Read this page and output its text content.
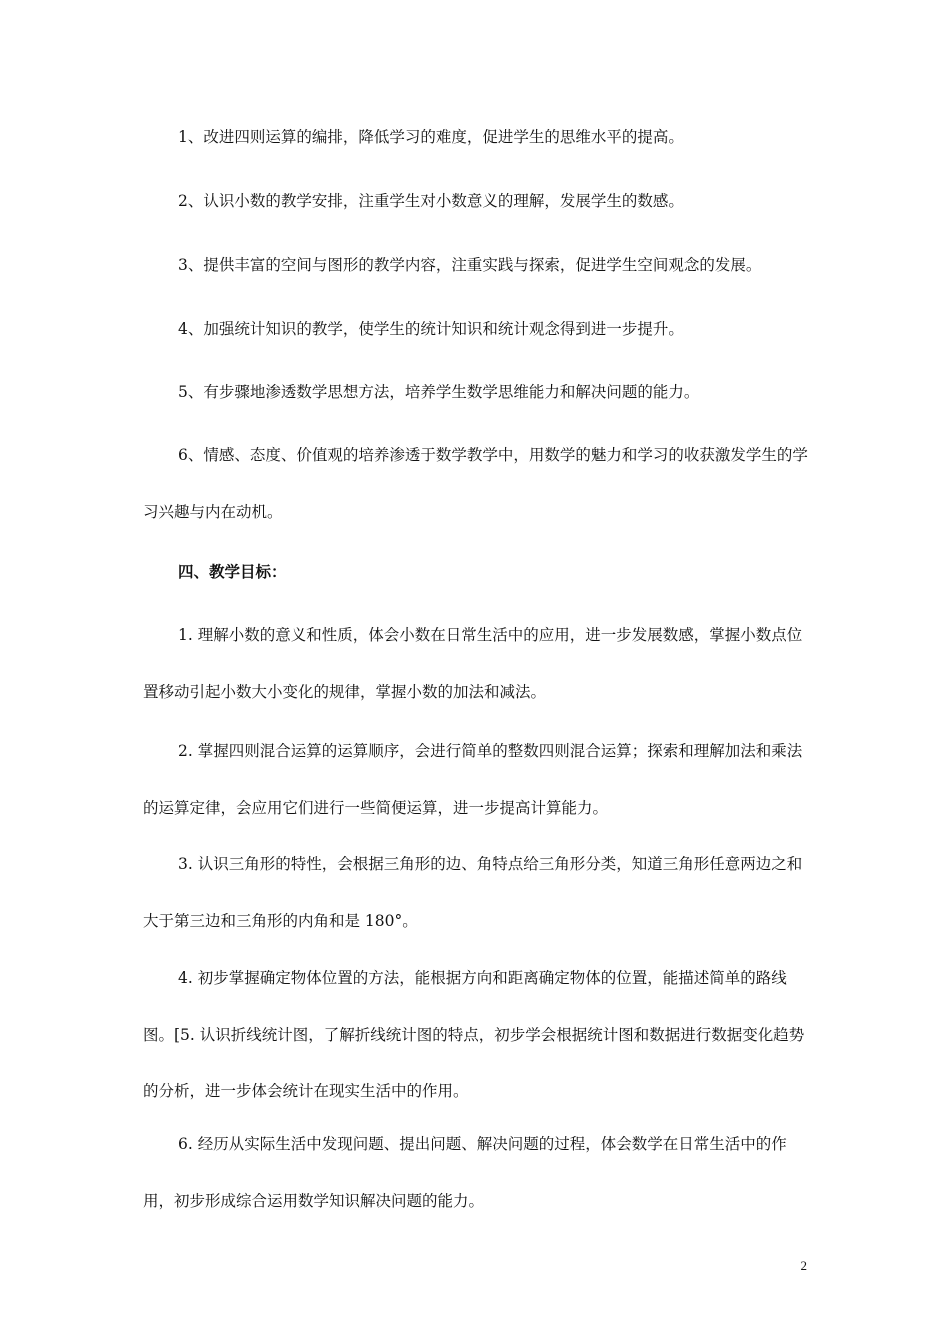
1、改进四则运算的编排，降低学习的难度，促进学生的思维水平的提高。

2、认识小数的教学安排，注重学生对小数意义的理解，发展学生的数感。

3、提供丰富的空间与图形的教学内容，注重实践与探索，促进学生空间观念的发展。

4、加强统计知识的教学，使学生的统计知识和统计观念得到进一步提升。

5、有步骤地渗透数学思想方法，培养学生数学思维能力和解决问题的能力。

6、情感、态度、价值观的培养渗透于数学教学中，用数学的魅力和学习的收获激发学生的学习兴趣与内在动机。

四、教学目标：

1. 理解小数的意义和性质，体会小数在日常生活中的应用，进一步发展数感，掌握小数点位置移动引起小数大小变化的规律，掌握小数的加法和减法。

2. 掌握四则混合运算的运算顺序，会进行简单的整数四则混合运算；探索和理解加法和乘法的运算定律，会应用它们进行一些简便运算，进一步提高计算能力。

3. 认识三角形的特性，会根据三角形的边、角特点给三角形分类，知道三角形任意两边之和大于第三边和三角形的内角和是 180°。

4. 初步掌握确定物体位置的方法，能根据方向和距离确定物体的位置，能描述简单的路线图。[5. 认识折线统计图，了解折线统计图的特点，初步学会根据统计图和数据进行数据变化趋势的分析，进一步体会统计在现实生活中的作用。

6. 经历从实际生活中发现问题、提出问题、解决问题的过程，体会数学在日常生活中的作用，初步形成综合运用数学知识解决问题的能力。

2
